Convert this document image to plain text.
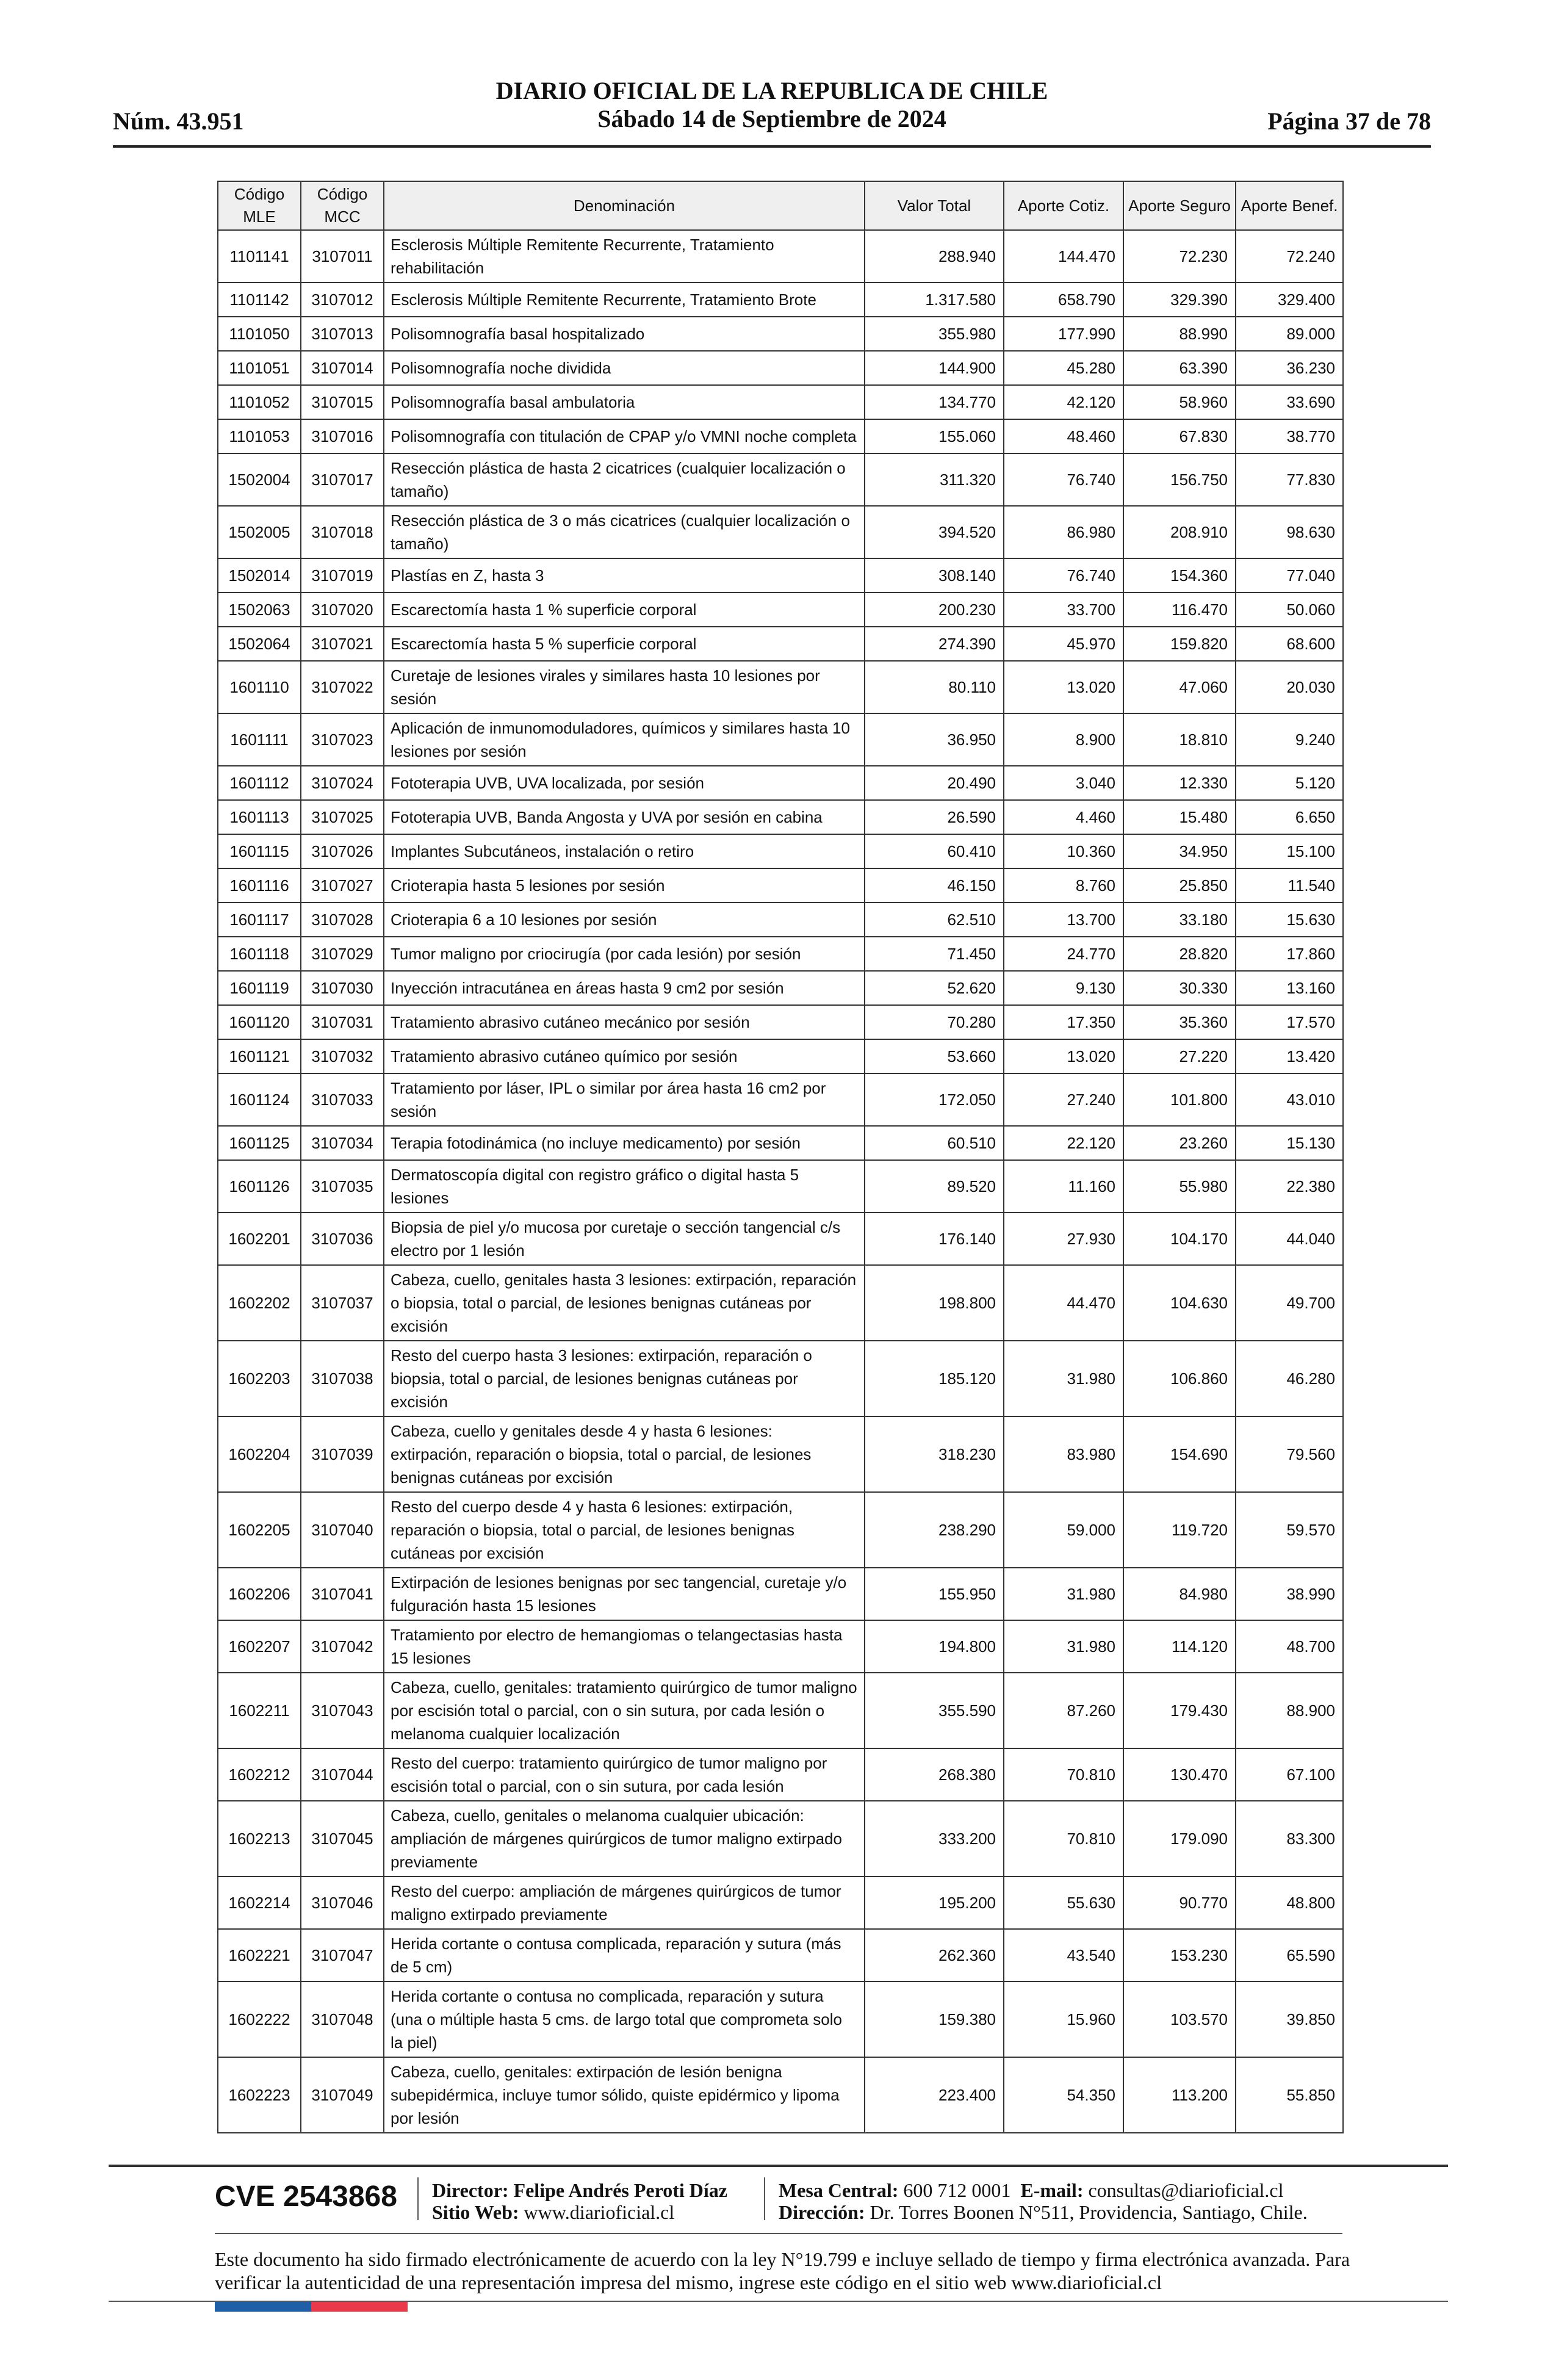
Núm. 43.951
DIARIO OFICIAL DE LA REPUBLICA DE CHILE
Sábado 14 de Septiembre de 2024	Página 37 de 78
Código MLE	Código MCC	Denominación	Valor Total	Aporte Cotiz.	Aporte Seguro	Aporte Benef.
1101141	3107011	Esclerosis Múltiple Remitente Recurrente, Tratamiento rehabilitación	288.940	144.470	72.230	72.240
1101142	3107012	Esclerosis Múltiple Remitente Recurrente, Tratamiento Brote	1.317.580	658.790	329.390	329.400
1101050	3107013	Polisomnografía basal hospitalizado	355.980	177.990	88.990	89.000
1101051	3107014	Polisomnografía noche dividida	144.900	45.280	63.390	36.230
1101052	3107015	Polisomnografía basal ambulatoria	134.770	42.120	58.960	33.690
1101053	3107016	Polisomnografía con titulación de CPAP y/o VMNI noche completa	155.060	48.460	67.830	38.770
1502004	3107017	Resección plástica de hasta 2 cicatrices (cualquier localización o tamaño)	311.320	76.740	156.750	77.830
1502005	3107018	Resección plástica de 3 o más cicatrices (cualquier localización o tamaño)	394.520	86.980	208.910	98.630
1502014	3107019	Plastías en Z, hasta 3	308.140	76.740	154.360	77.040
1502063	3107020	Escarectomía hasta 1 % superficie corporal	200.230	33.700	116.470	50.060
1502064	3107021	Escarectomía hasta 5 % superficie corporal	274.390	45.970	159.820	68.600
1601110	3107022	Curetaje de lesiones virales y similares hasta 10 lesiones por sesión	80.110	13.020	47.060	20.030
1601111	3107023	Aplicación de inmunomoduladores, químicos y similares hasta 10 lesiones por sesión	36.950	8.900	18.810	9.240
1601112	3107024	Fototerapia UVB, UVA localizada, por sesión	20.490	3.040	12.330	5.120
1601113	3107025	Fototerapia UVB, Banda Angosta y UVA por sesión en cabina	26.590	4.460	15.480	6.650
1601115	3107026	Implantes Subcutáneos, instalación o retiro	60.410	10.360	34.950	15.100
1601116	3107027	Crioterapia hasta 5 lesiones por sesión	46.150	8.760	25.850	11.540
1601117	3107028	Crioterapia 6 a 10 lesiones por sesión	62.510	13.700	33.180	15.630
1601118	3107029	Tumor maligno por criocirugía (por cada lesión) por sesión	71.450	24.770	28.820	17.860
1601119	3107030	Inyección intracutánea en áreas hasta 9 cm2 por sesión	52.620	9.130	30.330	13.160
1601120	3107031	Tratamiento abrasivo cutáneo mecánico por sesión	70.280	17.350	35.360	17.570
1601121	3107032	Tratamiento abrasivo cutáneo químico por sesión	53.660	13.020	27.220	13.420
1601124	3107033	Tratamiento por láser, IPL o similar por área hasta 16 cm2 por sesión	172.050	27.240	101.800	43.010
1601125	3107034	Terapia fotodinámica (no incluye medicamento) por sesión	60.510	22.120	23.260	15.130
1601126	3107035	Dermatoscopía digital con registro gráfico o digital hasta 5 lesiones	89.520	11.160	55.980	22.380
1602201	3107036	Biopsia de piel y/o mucosa por curetaje o sección tangencial c/s electro por 1 lesión	176.140	27.930	104.170	44.040
1602202	3107037	Cabeza, cuello, genitales hasta 3 lesiones: extirpación, reparación o biopsia, total o parcial, de lesiones benignas cutáneas por excisión	198.800	44.470	104.630	49.700
1602203	3107038	Resto del cuerpo hasta 3 lesiones: extirpación, reparación o biopsia, total o parcial, de lesiones benignas cutáneas por excisión	185.120	31.980	106.860	46.280
1602204	3107039	Cabeza, cuello y genitales desde 4 y hasta 6 lesiones: extirpación, reparación o biopsia, total o parcial, de lesiones benignas cutáneas por excisión	318.230	83.980	154.690	79.560
1602205	3107040	Resto del cuerpo desde 4 y hasta 6 lesiones: extirpación, reparación o biopsia, total o parcial, de lesiones benignas cutáneas por excisión	238.290	59.000	119.720	59.570
1602206	3107041	Extirpación de lesiones benignas por sec tangencial, curetaje y/o fulguración hasta 15 lesiones	155.950	31.980	84.980	38.990
1602207	3107042	Tratamiento por electro de hemangiomas o telangectasias hasta 15 lesiones	194.800	31.980	114.120	48.700
1602211	3107043	Cabeza, cuello, genitales: tratamiento quirúrgico de tumor maligno por escisión total o parcial, con o sin sutura, por cada lesión o melanoma cualquier localización	355.590	87.260	179.430	88.900
1602212	3107044	Resto del cuerpo: tratamiento quirúrgico de tumor maligno por escisión total o parcial, con o sin sutura, por cada lesión	268.380	70.810	130.470	67.100
1602213	3107045	Cabeza, cuello, genitales o melanoma cualquier ubicación: ampliación de márgenes quirúrgicos de tumor maligno extirpado previamente	333.200	70.810	179.090	83.300
1602214	3107046	Resto del cuerpo: ampliación de márgenes quirúrgicos de tumor maligno extirpado previamente	195.200	55.630	90.770	48.800
1602221	3107047	Herida cortante o contusa complicada, reparación y sutura (más de 5 cm)	262.360	43.540	153.230	65.590
1602222	3107048	Herida cortante o contusa no complicada, reparación y sutura (una o múltiple hasta 5 cms. de largo total que comprometa solo la piel)	159.380	15.960	103.570	39.850
1602223	3107049	Cabeza, cuello, genitales: extirpación de lesión benigna subepidérmica, incluye tumor sólido, quiste epidérmico y lipoma por lesión	223.400	54.350	113.200	55.850
CVE 2543868 Director: Felipe Andrés Peroti Díaz
Sitio Web: www.diarioficial.cl
Mesa Central: 600 712 0001 E-mail: consultas@diarioficial.cl
Dirección: Dr. Torres Boonen N°511, Providencia, Santiago, Chile.
Este documento ha sido firmado electrónicamente de acuerdo con la ley N°19.799 e incluye sellado de tiempo y firma electrónica avanzada. Para verificar la autenticidad de una representación impresa del mismo, ingrese este código en el sitio web www.diarioficial.cl
